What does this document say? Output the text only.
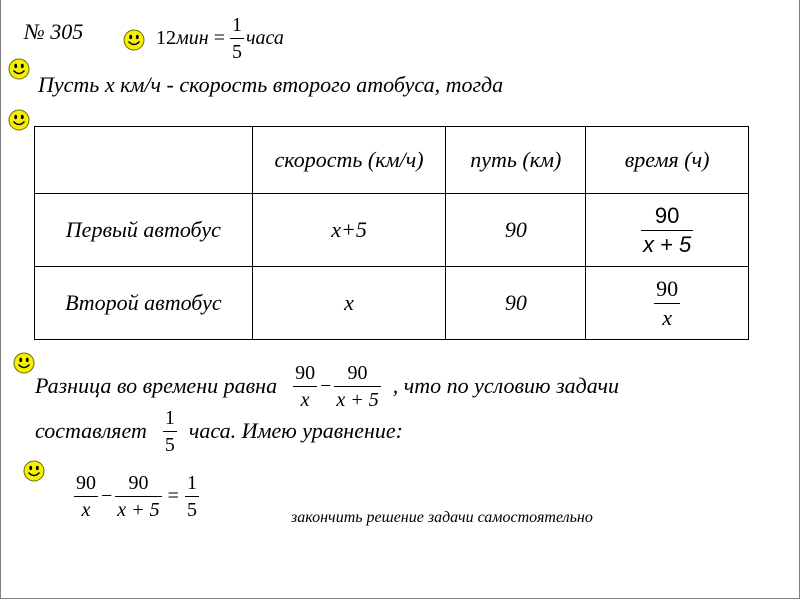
№ 305	12 мин = $\frac{1}{5}$ часа
Пусть х км/ч - скорость второго атобуса, тогда
	скорость (км/ч)	путь (км)	время (ч)
Первый автобус	х+5	90	$\frac{90}{x + 5}$

Второй автобус	х	90	$\frac{90}{x}$
Разница во времени равна $\frac{90}{x} - \frac{90}{x + 5}$ , что по условию задачи
составляет $\frac{1}{5}$ часа. Имею уравнение:
$\frac{90}{x} - \frac{90}{x + 5} = \frac{1}{5}$	закончить решение задачи самостоятельно
